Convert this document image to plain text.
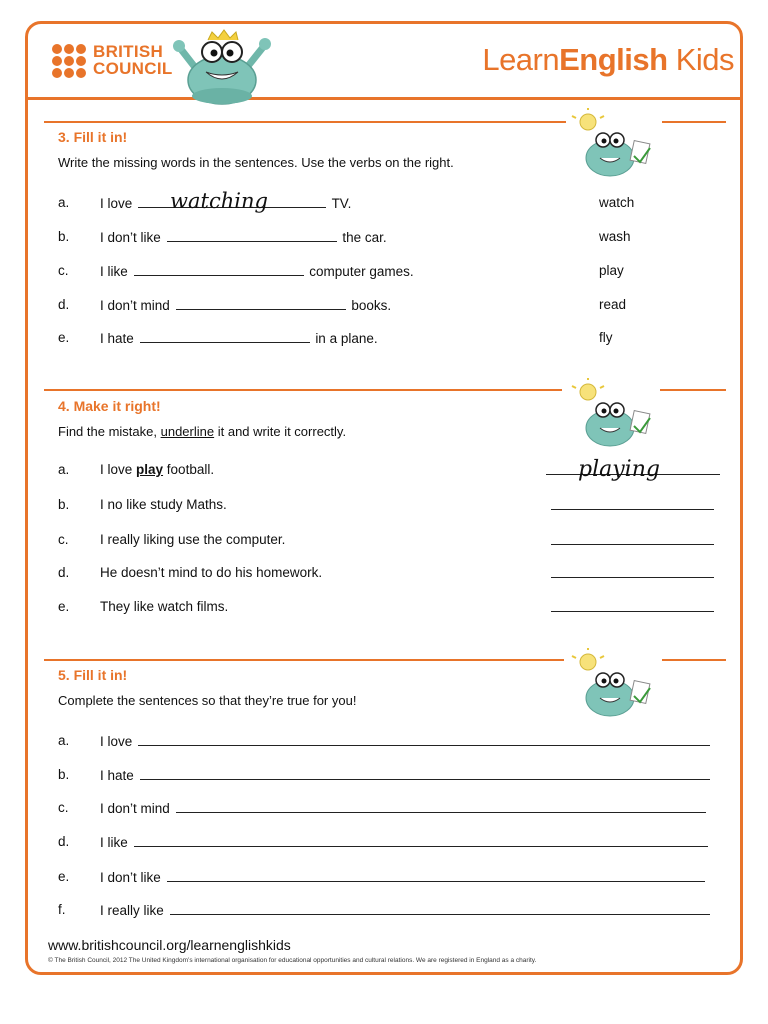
BRITISH
COUNCIL	LearnEnglish Kids
3. Fill it in!
Write the missing words in the sentences. Use the verbs on the right.
a. I love watching	TV.	watch
b. I don’t like	the car.	wash
c. I like	computer games.	play
d. I don’t mind	books.	read
e. I hate	in a plane.	fly
4. Make it right!
Find the mistake, underline it and write it correctly.
a. I love play football.	playing
b. I no like study Maths.
c. I really liking use the computer.
d. He doesn’t mind to do his homework.
e. They like watch films.
5. Fill it in!
Complete the sentences so that they’re true for you!
a. I love
b. I hate
c. I don’t mind
d. I like
e. I don’t like
f.	I really like
www.britishcouncil.org/learnenglishkids
© The British Council, 2012 The United Kingdom’s international organisation for educational opportunities and cultural relations. We are registered in England as a charity.
